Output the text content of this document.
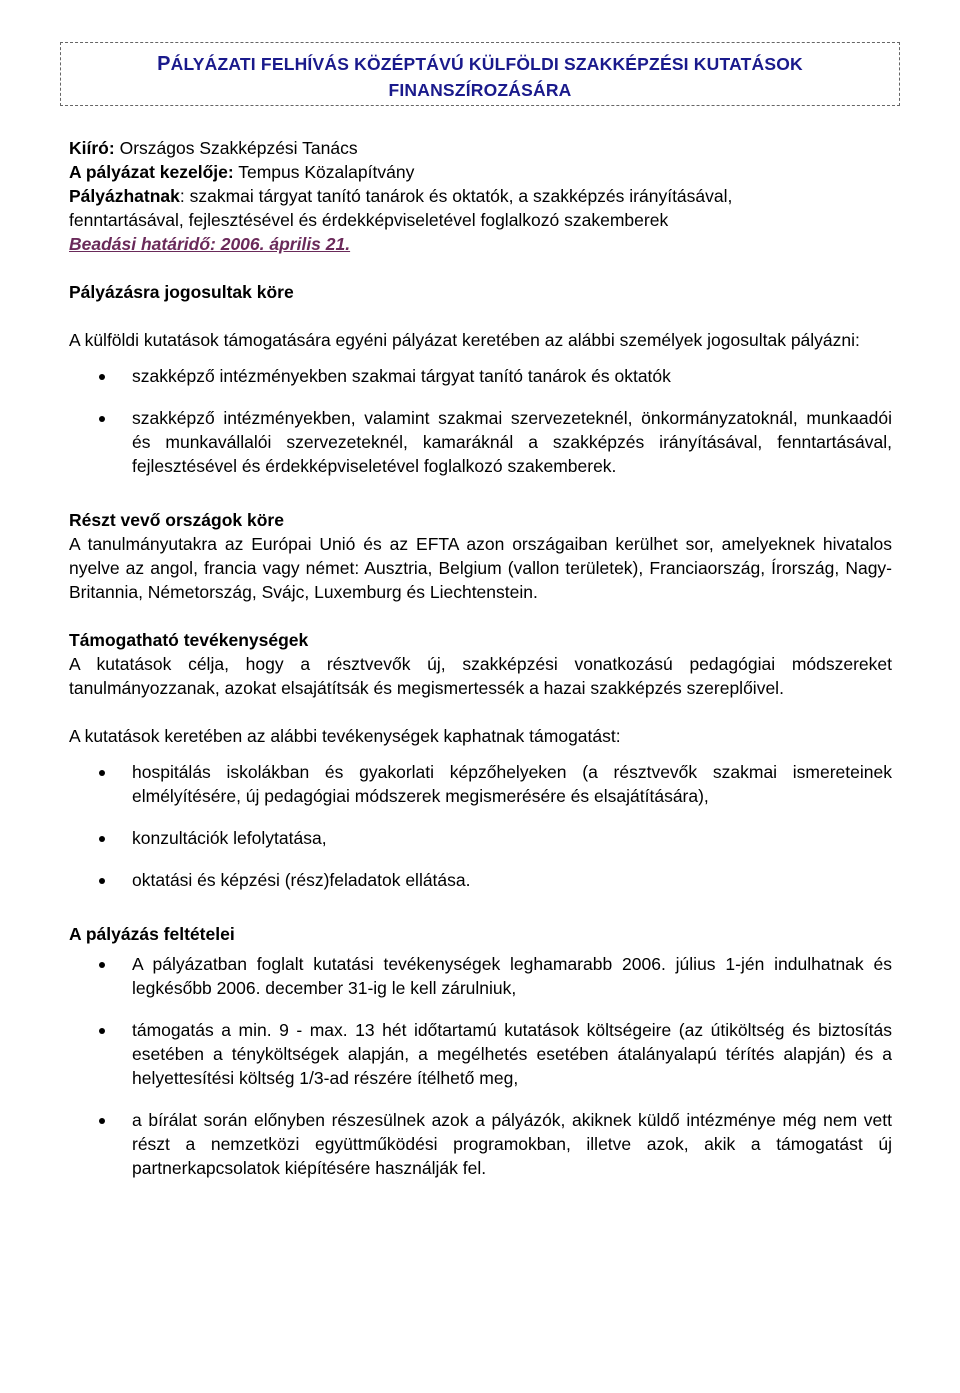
PÁLYÁZATI FELHÍVÁS KÖZÉPTÁVÚ KÜLFÖLDI SZAKKÉPZÉSI KUTATÁSOK
FINANSZÍROZÁSÁRA
Kiíró: Országos Szakképzési Tanács
A pályázat kezelője: Tempus Közalapítvány
Pályázhatnak: szakmai tárgyat tanító tanárok és oktatók, a szakképzés irányításával,
fenntartásával, fejlesztésével és érdekképviseletével foglalkozó szakemberek
Beadási határidő: 2006. április 21.
Pályázásra jogosultak köre

A külföldi kutatások támogatására egyéni pályázat keretében az alábbi személyek jogosultak pályázni:

szakképző intézményekben szakmai tárgyat tanító tanárok és oktatók
szakképző intézményekben, valamint szakmai szervezeteknél, önkormányzatoknál, munkaadói és munkavállalói szervezeteknél, kamaráknál a szakképzés irányításával, fenntartásával, fejlesztésével és érdekképviseletével foglalkozó szakemberek.
Részt vevő országok köre

A tanulmányutakra az Európai Unió és az EFTA azon országaiban kerülhet sor, amelyeknek hivatalos nyelve az angol, francia vagy német: Ausztria, Belgium (vallon területek), Franciaország, Írország, Nagy-Britannia, Németország, Svájc, Luxemburg és Liechtenstein.

Támogatható tevékenységek

A kutatások célja, hogy a résztvevők új, szakképzési vonatkozású pedagógiai módszereket tanulmányozzanak, azokat elsajátítsák és megismertessék a hazai szakképzés szereplőivel.

A kutatások keretében az alábbi tevékenységek kaphatnak támogatást:

hospitálás iskolákban és gyakorlati képzőhelyeken (a résztvevők szakmai ismereteinek elmélyítésére, új pedagógiai módszerek megismerésére és elsajátítására),
konzultációk lefolytatása,
oktatási és képzési (rész)feladatok ellátása.
A pályázás feltételei
A pályázatban foglalt kutatási tevékenységek leghamarabb 2006. július 1-jén indulhatnak és legkésőbb 2006. december 31-ig le kell zárulniuk,
támogatás a min. 9 - max. 13 hét időtartamú kutatások költségeire (az útiköltség és biztosítás esetében a tényköltségek alapján, a megélhetés esetében átalányalapú térítés alapján) és a helyettesítési költség 1/3-ad részére ítélhető meg,
a bírálat során előnyben részesülnek azok a pályázók, akiknek küldő intézménye még nem vett részt a nemzetközi együttműködési programokban, illetve azok, akik a támogatást új partnerkapcsolatok kiépítésére használják fel.
